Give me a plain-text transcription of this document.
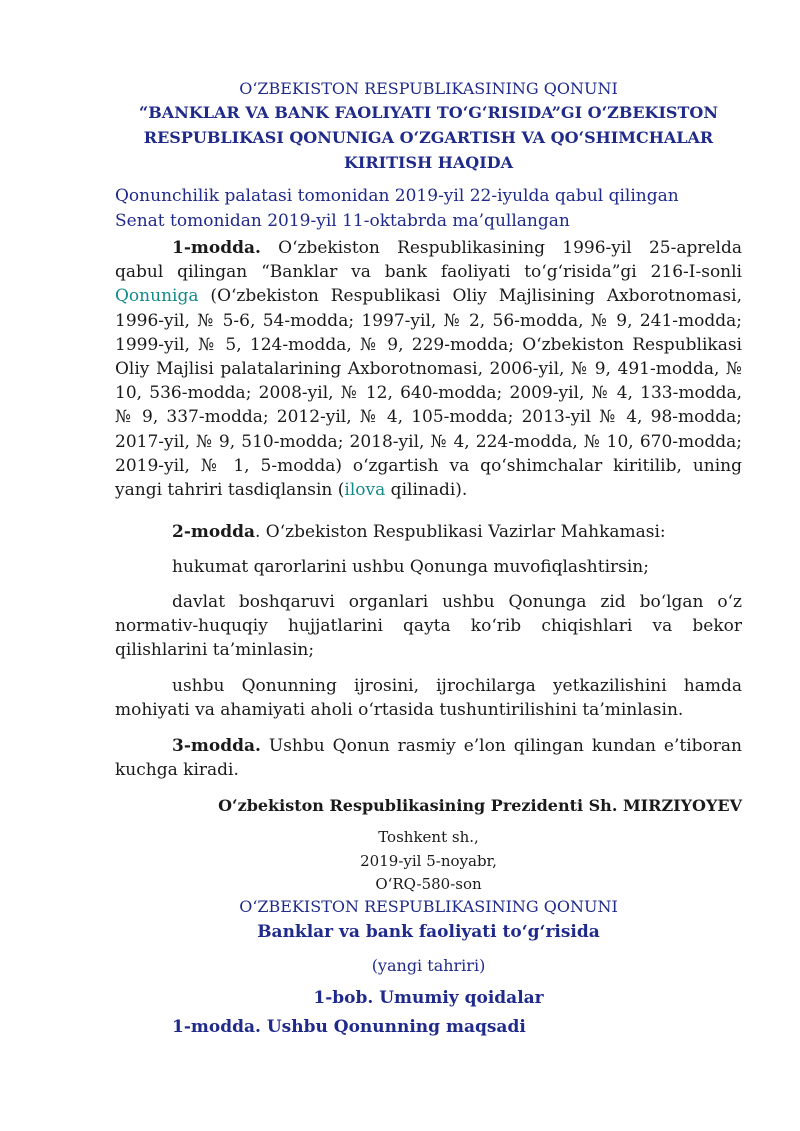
O‘ZBEKISTON RESPUBLIKASINING QONUNI
“BANKLAR VA BANK FAOLIYATI TO‘G‘RISIDA”GI O‘ZBEKISTON
RESPUBLIKASI QONUNIGA O‘ZGARTISH VA QO‘SHIMCHALAR
KIRITISH HAQIDA
Qonunchilik palatasi tomonidan 2019-yil 22-iyulda qabul qilingan
Senat tomonidan 2019-yil 11-oktabrda ma’qullangan

1-modda. O‘zbekiston Respublikasining 1996-yil 25-aprelda qabul qilingan “Banklar va bank faoliyati to‘g‘risida”gi 216-I-sonli Qonuniga (O‘zbekiston Respublikasi Oliy Majlisining Axborotnomasi, 1996-yil, № 5-6, 54-modda; 1997-yil, № 2, 56-modda, № 9, 241-modda; 1999-yil, № 5, 124-modda, № 9, 229-modda; O‘zbekiston Respublikasi Oliy Majlisi palatalarining Axborotnomasi, 2006-yil, № 9, 491-modda, № 10, 536-modda; 2008-yil, № 12, 640-modda; 2009-yil, № 4, 133-modda, № 9, 337-modda; 2012-yil, № 4, 105-modda; 2013-yil № 4, 98-modda; 2017-yil, № 9, 510-modda; 2018-yil, № 4, 224-modda, № 10, 670-modda; 2019-yil, № 1, 5-modda) o‘zgartish va qo‘shimchalar kiritilib, uning yangi tahriri tasdiqlansin (ilova qilinadi).

2-modda. O‘zbekiston Respublikasi Vazirlar Mahkamasi:

hukumat qarorlarini ushbu Qonunga muvofiqlashtirsin;

davlat boshqaruvi organlari ushbu Qonunga zid bo‘lgan o‘z normativ-huquqiy hujjatlarini qayta ko‘rib chiqishlari va bekor qilishlarini ta’minlasin;

ushbu Qonunning ijrosini, ijrochilarga yetkazilishini hamda mohiyati va ahamiyati aholi o‘rtasida tushuntirilishini ta’minlasin.

3-modda. Ushbu Qonun rasmiy e’lon qilingan kundan e’tiboran kuchga kiradi.

O‘zbekiston Respublikasining Prezidenti Sh. MIRZIYOYEV
Toshkent sh.,
2019-yil 5-noyabr,
O‘RQ-580-son
O‘ZBEKISTON RESPUBLIKASINING QONUNI
Banklar va bank faoliyati to‘g‘risida
(yangi tahriri)
1-bob. Umumiy qoidalar
1-modda. Ushbu Qonunning maqsadi
